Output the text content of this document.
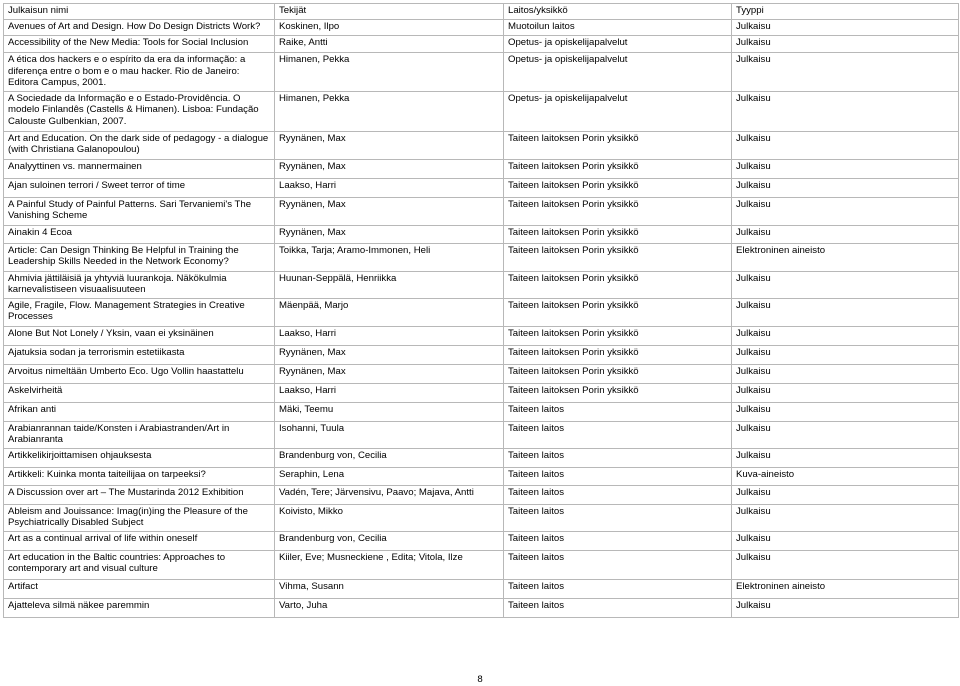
Julkaisun nimi	Tekijät	Laitos/yksikkö	Tyyppi
Avenues of Art and Design. How Do Design Districts Work?	Koskinen, Ilpo	Muotoilun laitos	Julkaisu
Accessibility of the New Media: Tools for Social Inclusion	Raike, Antti	Opetus- ja opiskelijapalvelut	Julkaisu
A ética dos hackers e o espírito da era da informação: a diferença entre o bom e o mau hacker. Rio de Janeiro: Editora Campus, 2001.	Himanen, Pekka	Opetus- ja opiskelijapalvelut	Julkaisu
A Sociedade da Informação e o Estado-Providência. O modelo Finlandês (Castells & Himanen). Lisboa: Fundação Calouste Gulbenkian, 2007.	Himanen, Pekka	Opetus- ja opiskelijapalvelut	Julkaisu
Art and Education. On the dark side of pedagogy - a dialogue (with Christiana Galanopoulou)	Ryynänen, Max	Taiteen laitoksen Porin yksikkö	Julkaisu
Analyyttinen vs. mannermainen	Ryynänen, Max	Taiteen laitoksen Porin yksikkö	Julkaisu
Ajan suloinen terrori / Sweet terror of time	Laakso, Harri	Taiteen laitoksen Porin yksikkö	Julkaisu
A Painful Study of Painful Patterns. Sari Tervaniemi's The Vanishing Scheme	Ryynänen, Max	Taiteen laitoksen Porin yksikkö	Julkaisu
Ainakin 4 Ecoa	Ryynänen, Max	Taiteen laitoksen Porin yksikkö	Julkaisu
Article: Can Design Thinking Be Helpful in Training the Leadership Skills Needed in the Network Economy?	Toikka, Tarja; Aramo-Immonen, Heli	Taiteen laitoksen Porin yksikkö	Elektroninen aineisto
Ahmivia jättiläisiä ja yhtyviä luurankoja. Näkökulmia karnevalistiseen visuaalisuuteen	Huunan-Seppälä, Henriikka	Taiteen laitoksen Porin yksikkö	Julkaisu
Agile, Fragile, Flow. Management Strategies in Creative Processes	Mäenpää, Marjo	Taiteen laitoksen Porin yksikkö	Julkaisu
Alone But Not Lonely / Yksin, vaan ei yksinäinen	Laakso, Harri	Taiteen laitoksen Porin yksikkö	Julkaisu
Ajatuksia sodan ja terrorismin estetiikasta	Ryynänen, Max	Taiteen laitoksen Porin yksikkö	Julkaisu
Arvoitus nimeltään Umberto Eco. Ugo Vollin haastattelu	Ryynänen, Max	Taiteen laitoksen Porin yksikkö	Julkaisu
Askelvirheitä	Laakso, Harri	Taiteen laitoksen Porin yksikkö	Julkaisu
Afrikan anti	Mäki, Teemu	Taiteen laitos	Julkaisu
Arabianrannan taide/Konsten i Arabiastranden/Art in Arabianranta	Isohanni, Tuula	Taiteen laitos	Julkaisu
Artikkelikirjoittamisen ohjauksesta	Brandenburg von, Cecilia	Taiteen laitos	Julkaisu
Artikkeli: Kuinka monta taiteilijaa on tarpeeksi?	Seraphin, Lena	Taiteen laitos	Kuva-aineisto
A Discussion over art – The Mustarinda 2012 Exhibition	Vadén, Tere; Järvensivu, Paavo; Majava, Antti	Taiteen laitos	Julkaisu
Ableism and Jouissance: Imag(in)ing the Pleasure of the Psychiatrically Disabled Subject	Koivisto, Mikko	Taiteen laitos	Julkaisu
Art as a continual arrival of life within oneself	Brandenburg von, Cecilia	Taiteen laitos	Julkaisu
Art education in the Baltic countries: Approaches to contemporary art and visual culture	Kiiler, Eve; Musneckiene , Edita; Vitola, Ilze	Taiteen laitos	Julkaisu
Artifact	Vihma, Susann	Taiteen laitos	Elektroninen aineisto
Ajatteleva silmä näkee paremmin	Varto, Juha	Taiteen laitos	Julkaisu
8
